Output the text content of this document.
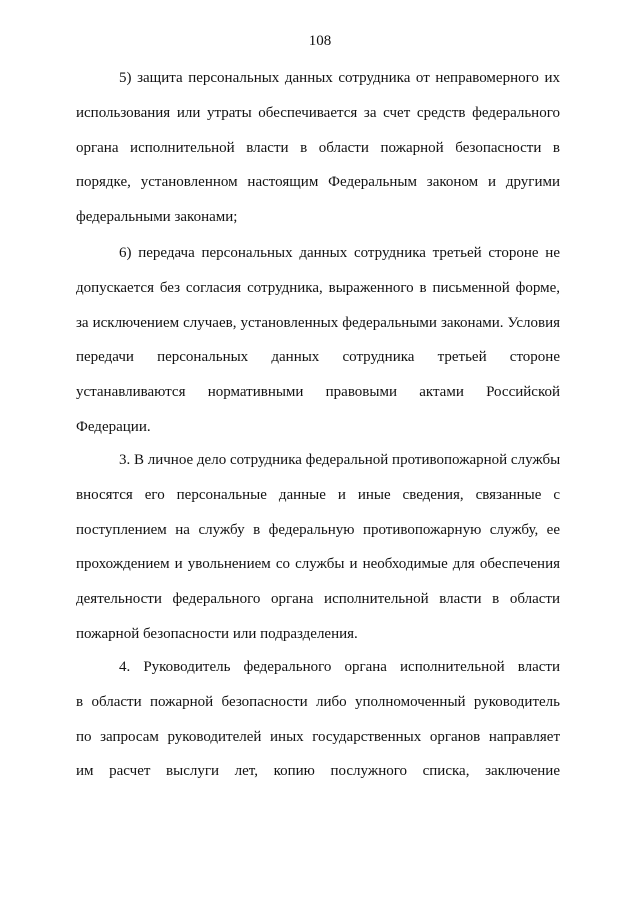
108
5) защита персональных данных сотрудника от неправомерного их
использования или утраты обеспечивается за счет средств федерального
органа исполнительной власти в области пожарной безопасности в
порядке, установленном настоящим Федеральным законом и другими
федеральными законами;
6) передача персональных данных сотрудника третьей стороне не
допускается без согласия сотрудника, выраженного в письменной форме,
за исключением случаев, установленных федеральными законами. Условия
передачи персональных данных сотрудника третьей стороне
устанавливаются нормативными правовыми актами Российской
Федерации.
3. В личное дело сотрудника федеральной противопожарной службы
вносятся его персональные данные и иные сведения, связанные с
поступлением на службу в федеральную противопожарную службу, ее
прохождением и увольнением со службы и необходимые для обеспечения
деятельности федерального органа исполнительной власти в области
пожарной безопасности или подразделения.
4. Руководитель федерального органа исполнительной власти
в области пожарной безопасности либо уполномоченный руководитель
по запросам руководителей иных государственных органов направляет
им расчет выслуги лет, копию послужного списка, заключение
